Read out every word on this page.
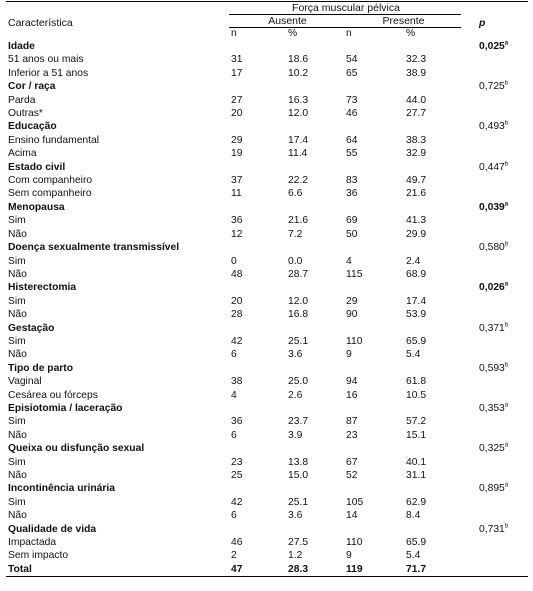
Característica	Força muscular pélvica				p
	Ausente		Presente		
	n	%	n	%	
Idade					0,025$^a$
51 anos ou mais	31	18.6	54	32.3	
Inferior a 51 anos	17	10.2	65	38.9	
Cor / raça					0,725$^b$
Parda	27	16.3	73	44.0	
Outras*	20	12.0	46	27.7	
Educação					0,493$^b$
Ensino fundamental	29	17.4	64	38.3	
Acima	19	11.4	55	32.9	
Estado civil					0,447$^b$
Com companheiro	37	22.2	83	49.7	
Sem companheiro	11	6.6	36	21.6	
Menopausa					0,039$^a$
Sim	36	21.6	69	41.3	
Não	12	7.2	50	29.9	
Doença sexualmente transmissível					0,580$^b$
Sim	0	0.0	4	2.4	
Não	48	28.7	115	68.9	
Histerectomia					0,026$^a$
Sim	20	12.0	29	17.4	
Não	28	16.8	90	53.9	
Gestação					0,371$^b$
Sim	42	25.1	110	65.9	
Não	6	3.6	9	5.4	
Tipo de parto					0,593$^b$
Vaginal	38	25.0	94	61.8	
Cesárea ou fórceps	4	2.6	16	10.5	
Episiotomia / laceração					0,353$^a$
Sim	36	23.7	87	57.2	
Não	6	3.9	23	15.1	
Queixa ou disfunção sexual					0,325$^a$
Sim	23	13.8	67	40.1	
Não	25	15.0	52	31.1	
Incontinência urinária					0,895$^a$
Sim	42	25.1	105	62.9	
Não	6	3.6	14	8.4	
Qualidade de vida					0,731$^b$
Impactada	46	27.5	110	65.9	
Sem impacto	2	1.2	9	5.4	
Total	47	28.3	119	71.7	
